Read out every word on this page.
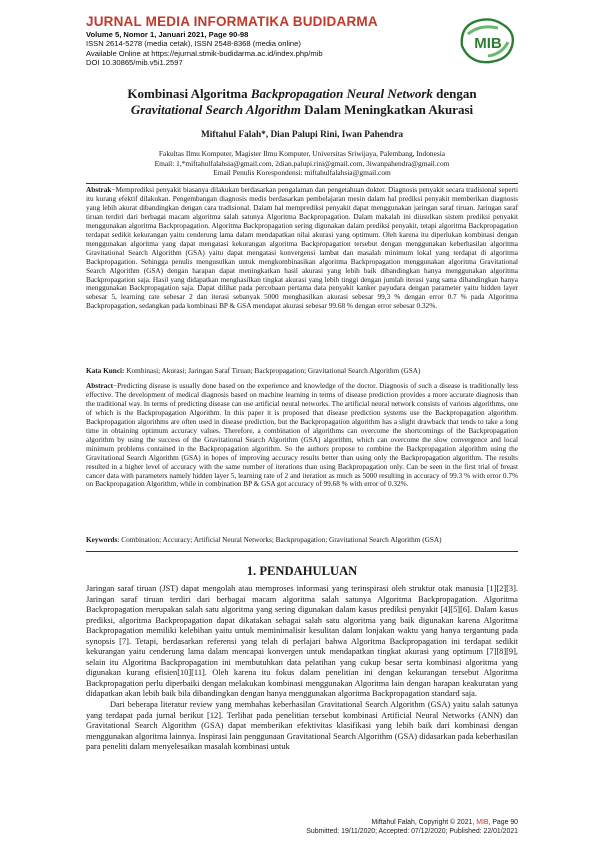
JURNAL MEDIA INFORMATIKA BUDIDARMA
Volume 5, Nomor 1, Januari 2021, Page 90-98
ISSN 2614-5278 (media cetak), ISSN 2548-8368 (media online)
Available Online at https://ejurnal.stmik-budidarma.ac.id/index.php/mib
DOI 10.30865/mib.v5i1.2597
MIB
Kombinasi Algoritma Backpropagation Neural Network dengan
Gravitational Search Algorithm Dalam Meningkatkan Akurasi
Miftahul Falah*, Dian Palupi Rini, Iwan Pahendra
Fakultas Ilmu Komputer, Magister Ilmu Komputer, Universitas Sriwijaya, Palembang, Indonesia
Email: 1,*miftahulfalahsia@gmail.com, 2dian.palupi.rini@gmail.com, 3iwanpahendra@gmail.com
Email Penulis Korespondensi: miftahulfalahsia@gmail.com
Abstrak−Memprediksi penyakit biasanya dilakukan berdasarkan pengalaman dan pengetahuan dokter. Diagnosis penyakit secara tradisional seperti itu kurang efektif dilakukan. Pengembangan diagnosis medis berdasarkan pembelajaran mesin dalam hal prediksi penyakit memberikan diagnosis yang lebih akurat dibandingkan dengan cara tradisional. Dalam hal memprediksi penyakit dapat menggunakan jaringan saraf tiruan. Jaringan saraf tiruan terdiri dari berbagai macam algoritma salah satunya Algoritma Backpropagation. Dalam makalah ini diusulkan sistem prediksi penyakit menggunakan algoritma Backpropagation. Algoritma Backpropagation sering digunakan dalam prediksi penyakit, tetapi algoritma Backpropagation terdapat sedikit kekurangan yaitu cenderung lama dalam mendapatkan nilai akurasi yang optimum. Oleh karena itu diperlukan kombinasi dengan menggunakan algoritma yang dapat mengatasi kekurangan algoritma Backpropagation tersebut dengan menggunakan keberhasilan algoritma Gravitational Search Algorithm (GSA) yaitu dapat mengatasi konvergensi lambat dan masalah minimum lokal yang terdapat di algoritma Backpropagation. Sehingga penulis mengusulkan untuk mengkombinasikan algoritma Backpropagation menggunakan algoritma Gravitational Search Algorithm (GSA) dengan harapan dapat meningkatkan hasil akurasi yang lebih baik dibandingkan hanya menggunakan algoritma Backpropagation saja. Hasil yang didapatkan menghasilkan tingkat akurasi yang lebih tinggi dengan jumlah iterasi yang sama dibandingkan hanya menggunakan Backpropagation saja. Dapat dilihat pada percobaan pertama data penyakit kanker payudara dengan parameter yaitu hidden layer sebesar 5, learning rate sebesar 2 dan iterasi sebanyak 5000 menghasilkan akurasi sebesar 99,3 % dengan error 0.7 % pada Algoritma Backpropagation, sedangkan pada kombinasi BP & GSA mendapat akurasi sebesar 99.68 % dengan error sebesar 0.32%.
Kata Kunci: Kombinasi; Akurasi; Jaringan Saraf Tiruan; Backpropagation; Gravitational Search Algorithm (GSA)
Abstract−Predicting disease is usually done based on the experience and knowledge of the doctor. Diagnosis of such a disease is traditionally less effective. The development of medical diagnosis based on machine learning in terms of disease prediction provides a more accurate diagnosis than the traditional way. In terms of predicting disease can use artificial neural networks. The artificial neural network consists of various algorithms, one of which is the Backpropagation Algorithm. In this paper it is proposed that disease prediction systems use the Backpropagation algorithm. Backpropagation algorithms are often used in disease prediction, but the Backpropagation algorithm has a slight drawback that tends to take a long time in obtaining optimum accuracy values. Therefore, a combination of algorithms can overcome the shortcomings of the Backpropagation algorithm by using the success of the Gravitational Search Algorithm (GSA) algorithm, which can overcome the slow convergence and local minimum problems contained in the Backpropagation algorithm. So the authors propose to combine the Backpropagation algorithm using the Gravitational Search Algorithm (GSA) in hopes of improving accuracy results better than using only the Backpropagation algorithm. The results resulted in a higher level of accuracy with the same number of iterations than using Backpropagation only. Can be seen in the first trial of breast cancer data with parameters namely hidden layer 5, learning rate of 2 and iteration as much as 5000 resulting in accuracy of 99.3 % with error 0.7% on Backpropagation Algorithm, while in combination BP & GSA got accuracy of 99.68 % with error of 0.32%.
Keywords: Combination; Accuracy; Artificial Neural Networks; Backpropagation; Gravitational Search Algorithm (GSA)
1. PENDAHULUAN

Jaringan saraf tiruan (JST) dapat mengolah atau memproses informasi yang terinspirasi oleh struktur otak manusia [1][2][3]. Jaringan saraf tiruan terdiri dari berbagai macam algoritma salah satunya Algoritma Backpropagation. Algoritma Backpropagation merupakan salah satu algoritma yang sering digunakan dalam kasus prediksi penyakit [4][5][6]. Dalam kasus prediksi, algoritma Backpropagation dapat dikatakan sebagai salah satu algoritma yang baik digunakan karena Algoritma Backpropagation memiliki kelebihan yaitu untuk meminimalisir kesulitan dalam lonjakan waktu yang hanya tergantung pada synopsis [7]. Tetapi, berdasarkan referensi yang telah di perlajari bahwa Algoritma Backpropagation ini terdapat sedikit kekurangan yaitu cenderung lama dalam mencapai konvergen untuk mendapatkan tingkat akurasi yang optimum [7][8][9], selain itu Algoritma Backpropagation ini membutuhkan data pelatihan yang cukup besar serta kombinasi algoritma yang digunakan kurang efisien[10][11]. Oleh karena itu fokus dalam penelitian ini dengan kekurangan tersebut Algoritma Backpropagation perlu diperbaiki dengan melakukan kombinasi menggunakan Algoritma lain dengan harapan keakuratan yang didapatkan akan lebih baik bila dibandingkan dengan hanya menggunakan algoritma Backpropagation standard saja.

Dari beberapa literatur review yang membahas keberhasilan Gravitational Search Algorithm (GSA) yaitu salah satunya yang terdapat pada jurnal berikut [12]. Terlihat pada penelitian tersebut kombinasi Artificial Neural Networks (ANN) dan Gravitational Search Algorithm (GSA) dapat memberikan efektivitas klasifikasi yang lebih baik dari kombinasi dengan menggunakan algoritma lainnya. Inspirasi lain penggunaan Gravitational Search Algorithm (GSA) didasarkan pada keberhasilan para peneliti dalam menyelesaikan masalah kombinasi untuk

Miftahul Falah, Copyright © 2021, MIB, Page 90
Submitted: 19/11/2020; Accepted: 07/12/2020; Published: 22/01/2021
